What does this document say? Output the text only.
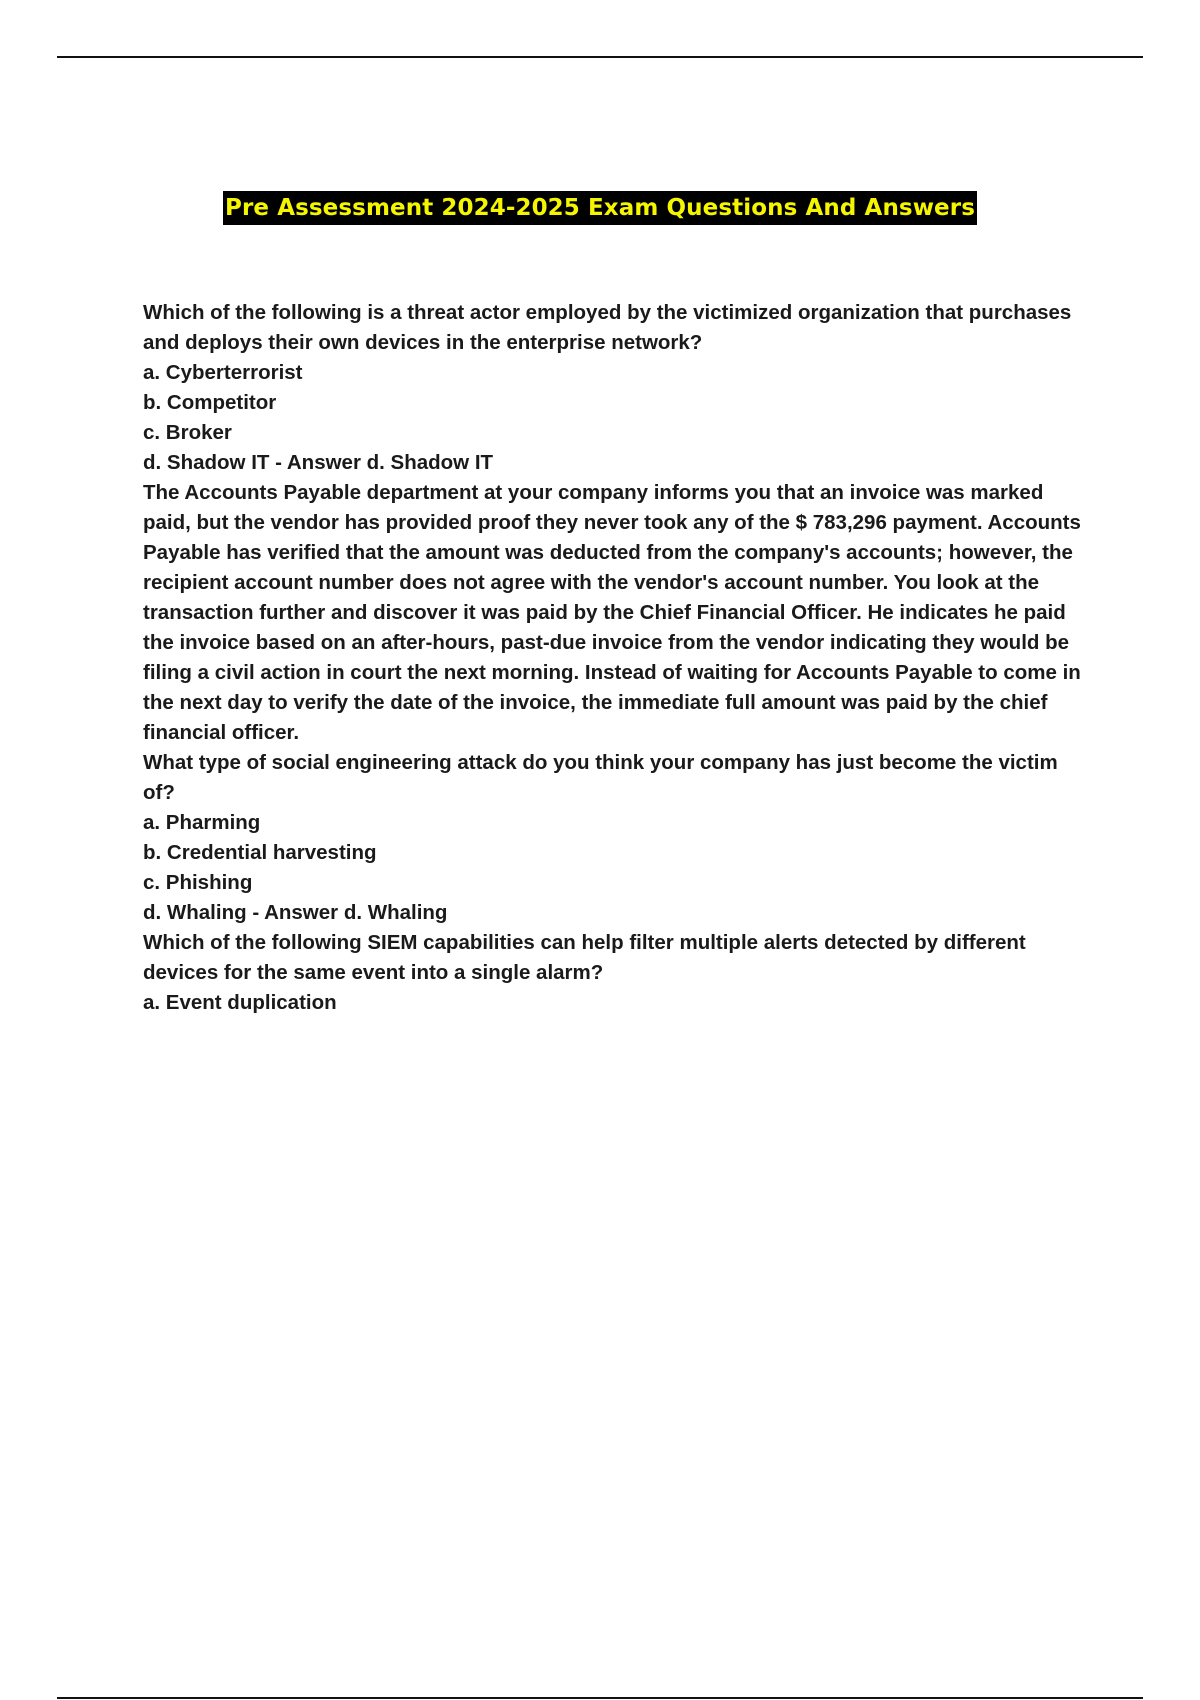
Pre Assessment 2024-2025 Exam Questions And Answers

Which of the following is a threat actor employed by the victimized organization that purchases and deploys their own devices in the enterprise network?

a. Cyberterrorist

b. Competitor

c. Broker

d. Shadow IT - Answer d. Shadow IT

The Accounts Payable department at your company informs you that an invoice was marked paid, but the vendor has provided proof they never took any of the $ 783,296 payment. Accounts Payable has verified that the amount was deducted from the company's accounts; however, the recipient account number does not agree with the vendor's account number. You look at the transaction further and discover it was paid by the Chief Financial Officer. He indicates he paid the invoice based on an after-hours, past-due invoice from the vendor indicating they would be filing a civil action in court the next morning. Instead of waiting for Accounts Payable to come in the next day to verify the date of the invoice, the immediate full amount was paid by the chief financial officer.

What type of social engineering attack do you think your company has just become the victim of?

a. Pharming

b. Credential harvesting

c. Phishing

d. Whaling - Answer d. Whaling

Which of the following SIEM capabilities can help filter multiple alerts detected by different devices for the same event into a single alarm?

a. Event duplication
